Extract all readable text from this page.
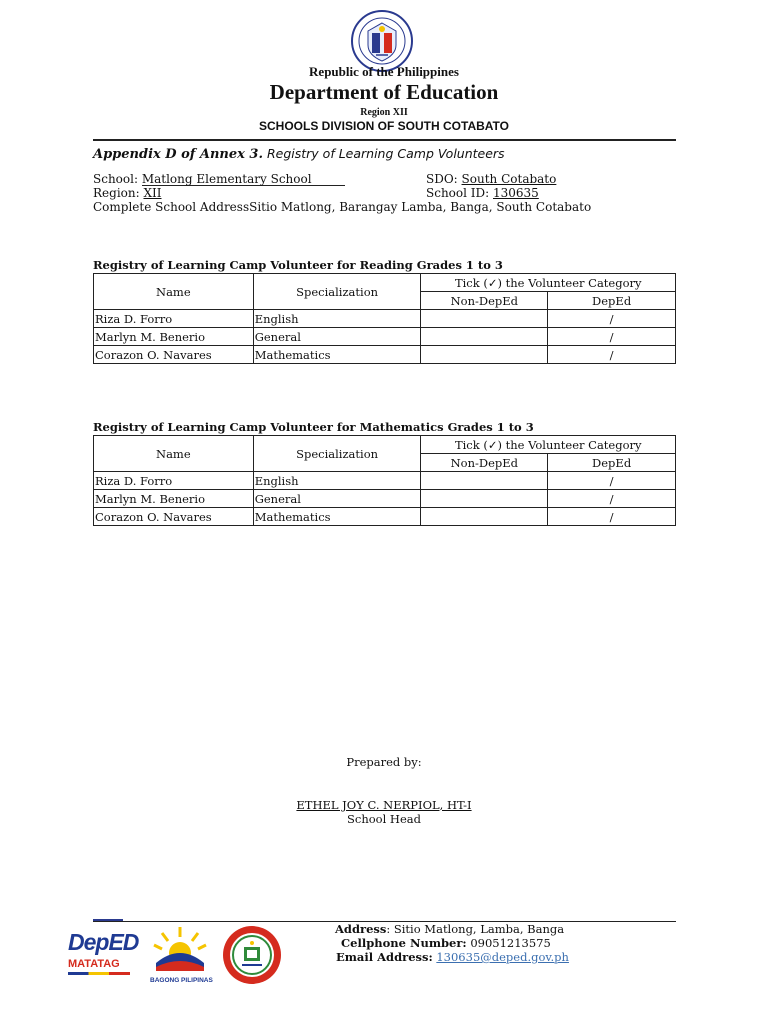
Republic of the Philippines
Department of Education
Region XII
SCHOOLS DIVISION OF SOUTH COTABATO
Appendix D of Annex 3. Registry of Learning Camp Volunteers
School: Matlong Elementary School	SDO: South Cotabato
Region: XII	School ID: 130635
Complete School AddressSitio Matlong, Barangay Lamba, Banga, South Cotabato
Registry of Learning Camp Volunteer for Reading Grades 1 to 3
Name	Specialization	Tick (✓) the Volunteer Category	
		Non-DepEd	DepEd
Riza D. Forro	English		/
Marlyn M. Benerio	General		/
Corazon O. Navares	Mathematics		/
Registry of Learning Camp Volunteer for Mathematics Grades 1 to 3
Name	Specialization	Tick (✓) the Volunteer Category	
		Non-DepEd	DepEd
Riza D. Forro	English		/
Marlyn M. Benerio	General		/
Corazon O. Navares	Mathematics		/
Prepared by:
ETHEL JOY C. NERPIOL, HT-I
School Head
DepED
MATATAG
BAGONG PILIPINAS
Address: Sitio Matlong, Lamba, Banga
Cellphone Number: 09051213575
Email Address: 130635@deped.gov.ph
